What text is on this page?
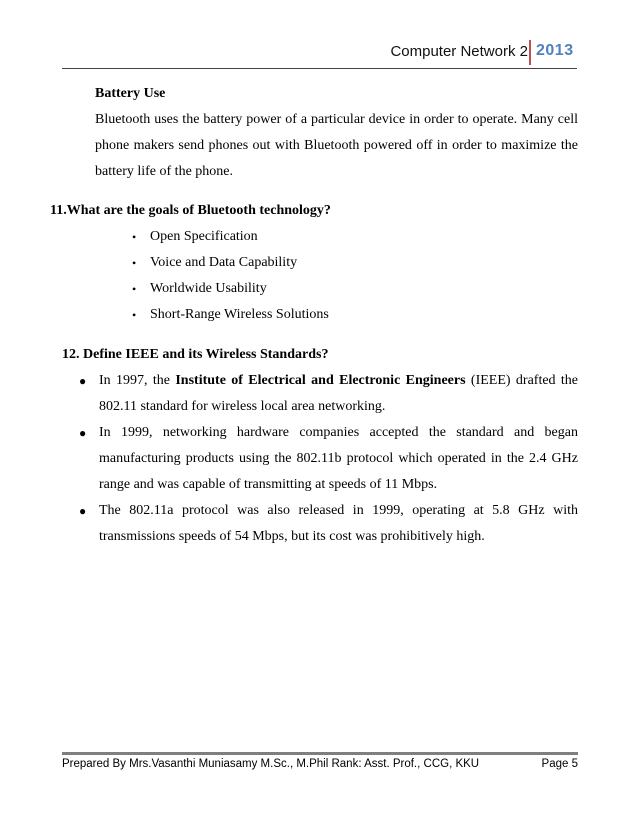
Computer Network 2 2013

Battery Use

Bluetooth uses the battery power of a particular device in order to operate. Many cell phone makers send phones out with Bluetooth powered off in order to maximize the battery life of the phone.

11.What are the goals of Bluetooth technology?

• Open Specification
• Voice and Data Capability
• Worldwide Usability
• Short-Range Wireless Solutions

12. Define IEEE and its Wireless Standards?

● In 1997, the Institute of Electrical and Electronic Engineers (IEEE) drafted the 802.11 standard for wireless local area networking.
● In 1999, networking hardware companies accepted the standard and began manufacturing products using the 802.11b protocol which operated in the 2.4 GHz range and was capable of transmitting at speeds of 11 Mbps.
● The 802.11a protocol was also released in 1999, operating at 5.8 GHz with transmissions speeds of 54 Mbps, but its cost was prohibitively high.
Prepared By Mrs.Vasanthi Muniasamy M.Sc., M.Phil Rank: Asst. Prof., CCG, KKU	Page 5
